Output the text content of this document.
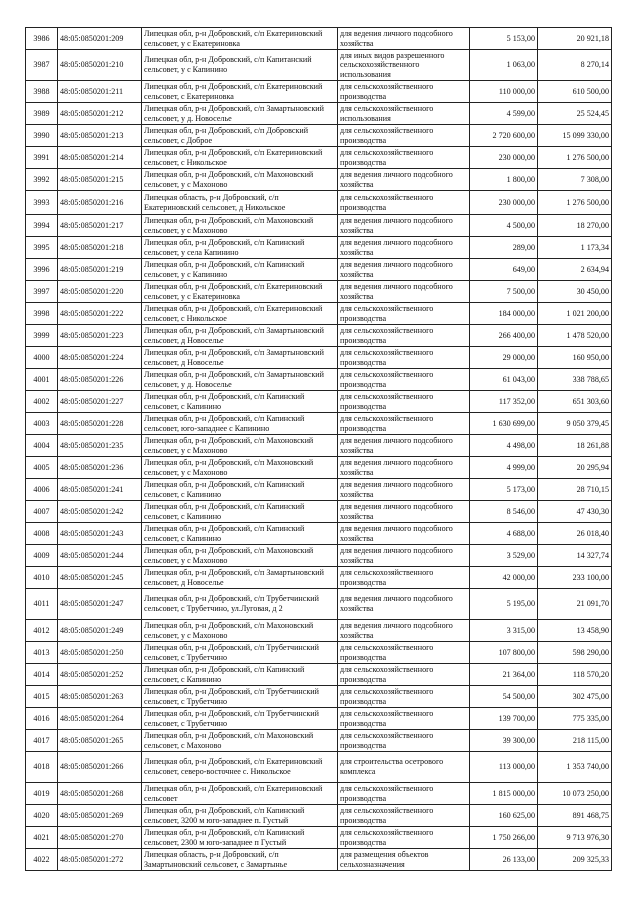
3986	48:05:0850201:209	Липецкая обл, р-н Добровский, с/п Екатериновский сельсовет, у с Екатериновка	для ведения личного подсобного хозяйства	5 153,00	20 921,18
3987	48:05:0850201:210	Липецкая обл, р-н Добровский, с/п Капитанский сельсовет, у с Капинино	для иных видов разрешенного сельскохозяйственного использования	1 063,00	8 270,14
3988	48:05:0850201:211	Липецкая обл, р-н Добровский, с/п Екатериновский сельсовет, с Екатериновка	для сельскохозяйственного производства	110 000,00	610 500,00
3989	48:05:0850201:212	Липецкая обл, р-н Добровский, с/п Замартыновский сельсовет, у д. Новоселье	для сельскохозяйственного использования	4 599,00	25 524,45
3990	48:05:0850201:213	Липецкая обл, р-н Добровский, с/п Добровский сельсовет, с Доброе	для сельскохозяйственного производства	2 720 600,00	15 099 330,00
3991	48:05:0850201:214	Липецкая обл, р-н Добровский, с/п Екатериновский сельсовет, с Никольское	для сельскохозяйственного производства	230 000,00	1 276 500,00
3992	48:05:0850201:215	Липецкая обл, р-н Добровский, с/п Махоновский сельсовет, у с Махоново	для ведения личного подсобного хозяйства	1 800,00	7 308,00
3993	48:05:0850201:216	Липецкая область, р-н Добровский, с/п Екатериновский сельсовет, д Никольское	для сельскохозяйственного производства	230 000,00	1 276 500,00
3994	48:05:0850201:217	Липецкая обл, р-н Добровский, с/п Махоновский сельсовет, у с Махоново	для ведения личного подсобного хозяйства	4 500,00	18 270,00
3995	48:05:0850201:218	Липецкая обл, р-н Добровский, с/п Капинский сельсовет, у села Капинино	для ведения личного подсобного хозяйства	289,00	1 173,34
3996	48:05:0850201:219	Липецкая обл, р-н Добровский, с/п Капинский сельсовет, у с Капинино	для ведения личного подсобного хозяйства	649,00	2 634,94
3997	48:05:0850201:220	Липецкая обл, р-н Добровский, с/п Екатериновский сельсовет, у с Екатериновка	для ведения личного подсобного хозяйства	7 500,00	30 450,00
3998	48:05:0850201:222	Липецкая обл, р-н Добровский, с/п Екатериновский сельсовет, с Никольское	для сельскохозяйственного производства	184 000,00	1 021 200,00
3999	48:05:0850201:223	Липецкая обл, р-н Добровский, с/п Замартыновский сельсовет, д Новоселье	для сельскохозяйственного производства	266 400,00	1 478 520,00
4000	48:05:0850201:224	Липецкая обл, р-н Добровский, с/п Замартыновский сельсовет, д Новоселье	для сельскохозяйственного производства	29 000,00	160 950,00
4001	48:05:0850201:226	Липецкая обл, р-н Добровский, с/п Замартыновский сельсовет, у д. Новоселье	для сельскохозяйственного производства	61 043,00	338 788,65
4002	48:05:0850201:227	Липецкая обл, р-н Добровский, с/п Капинский сельсовет, с Капинино	для сельскохозяйственного производства	117 352,00	651 303,60
4003	48:05:0850201:228	Липецкая обл, р-н Добровский, с/п Капинский сельсовет, юго-западнее с Капинино	для сельскохозяйственного производства	1 630 699,00	9 050 379,45
4004	48:05:0850201:235	Липецкая обл, р-н Добровский, с/п Махоновский сельсовет, у с Махоново	для ведения личного подсобного хозяйства	4 498,00	18 261,88
4005	48:05:0850201:236	Липецкая обл, р-н Добровский, с/п Махоновский сельсовет, у с Махоново	для ведения личного подсобного хозяйства	4 999,00	20 295,94
4006	48:05:0850201:241	Липецкая обл, р-н Добровский, с/п Капинский сельсовет, с Капинино	для ведения личного подсобного хозяйства	5 173,00	28 710,15
4007	48:05:0850201:242	Липецкая обл, р-н Добровский, с/п Капинский сельсовет, с Капинино	для ведения личного подсобного хозяйства	8 546,00	47 430,30
4008	48:05:0850201:243	Липецкая обл, р-н Добровский, с/п Капинский сельсовет, с Капинино	для ведения личного подсобного хозяйства	4 688,00	26 018,40
4009	48:05:0850201:244	Липецкая обл, р-н Добровский, с/п Махоновский сельсовет, у с Махоново	для ведения личного подсобного хозяйства	3 529,00	14 327,74
4010	48:05:0850201:245	Липецкая обл, р-н Добровский, с/п Замартыновский сельсовет, д Новоселье	для сельскохозяйственного производства	42 000,00	233 100,00
4011	48:05:0850201:247	Липецкая обл, р-н Добровский, с/п Трубетчинский сельсовет, с Трубетчино, ул.Луговая, д 2	для ведения личного подсобного хозяйства	5 195,00	21 091,70
4012	48:05:0850201:249	Липецкая обл, р-н Добровский, с/п Махоновский сельсовет, у с Махоново	для ведения личного подсобного хозяйства	3 315,00	13 458,90
4013	48:05:0850201:250	Липецкая обл, р-н Добровский, с/п Трубетчинский сельсовет, с Трубетчино	для сельскохозяйственного производства	107 800,00	598 290,00
4014	48:05:0850201:252	Липецкая обл, р-н Добровский, с/п Капинский сельсовет, с Капинино	для сельскохозяйственного производства	21 364,00	118 570,20
4015	48:05:0850201:263	Липецкая обл, р-н Добровский, с/п Трубетчинский сельсовет, с Трубетчино	для сельскохозяйственного производства	54 500,00	302 475,00
4016	48:05:0850201:264	Липецкая обл, р-н Добровский, с/п Трубетчинский сельсовет, с Трубетчино	для сельскохозяйственного производства	139 700,00	775 335,00
4017	48:05:0850201:265	Липецкая обл, р-н Добровский, с/п Махоновский сельсовет, с Махоново	для сельскохозяйственного производства	39 300,00	218 115,00
4018	48:05:0850201:266	Липецкая обл, р-н Добровский, с/п Екатериновский сельсовет, северо-восточнее с. Никольское	для строительства осетрового комплекса	113 000,00	1 353 740,00
4019	48:05:0850201:268	Липецкая обл, р-н Добровский, с/п Екатериновский сельсовет	для сельскохозяйственного производства	1 815 000,00	10 073 250,00
4020	48:05:0850201:269	Липецкая обл, р-н Добровский, с/п Капинский сельсовет, 3200 м юго-западнее п. Густый	для сельскохозяйственного производства	160 625,00	891 468,75
4021	48:05:0850201:270	Липецкая обл, р-н Добровский, с/п Капинский сельсовет, 2300 м юго-западнее п Густый	для сельскохозяйственного производства	1 750 266,00	9 713 976,30
4022	48:05:0850201:272	Липецкая область, р-н Добровский, с/п Замартыновский сельсовет, с Замартынье	для размещения объектов сельхозназначения	26 133,00	209 325,33
